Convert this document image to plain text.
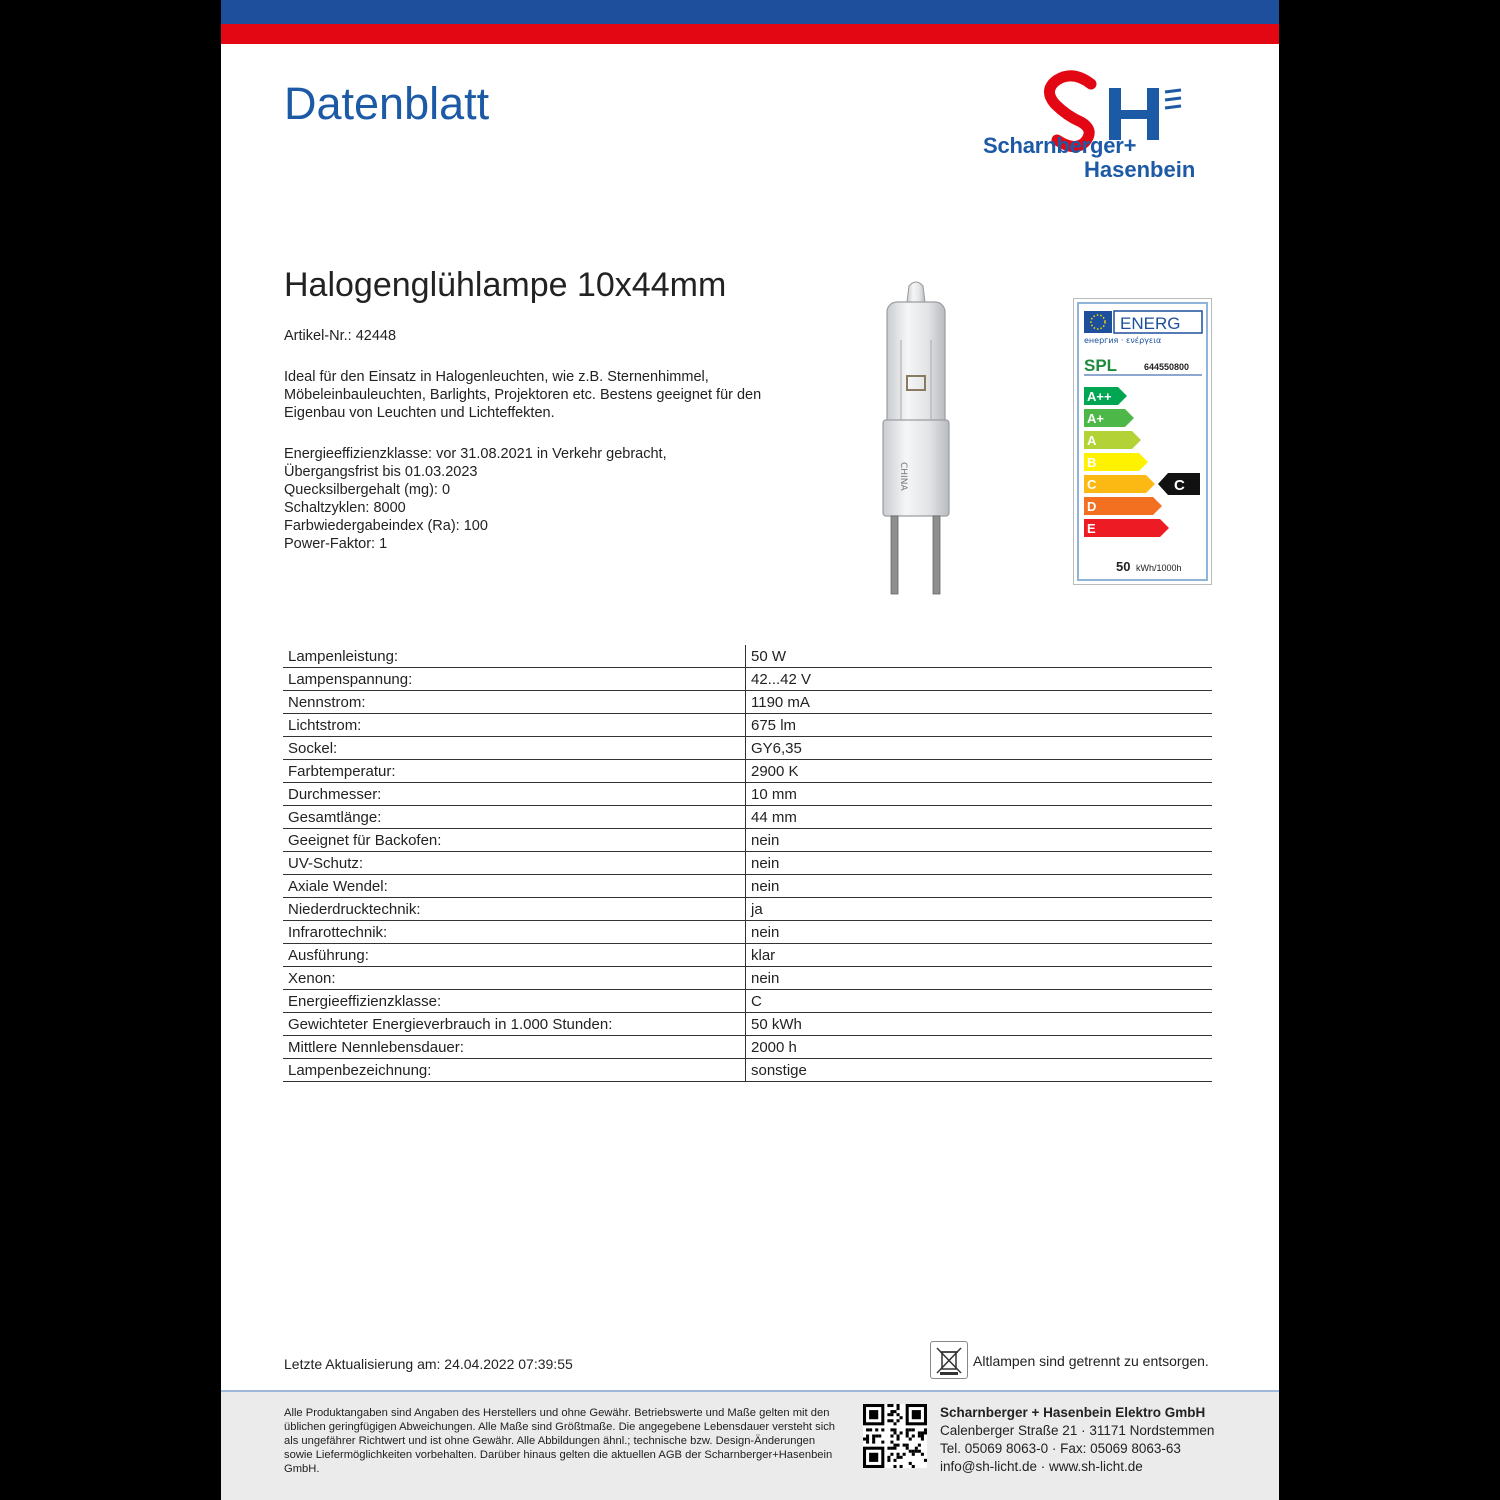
Datenblatt
Scharnberger+
Hasenbein
Halogenglühlampe 10x44mm
Artikel-Nr.: 42448
Ideal für den Einsatz in Halogenleuchten, wie z.B. Sternenhimmel, Möbeleinbauleuchten, Barlights, Projektoren etc. Bestens geeignet für den Eigenbau von Leuchten und Lichteffekten.
Energieeffizienzklasse: vor 31.08.2021 in Verkehr gebracht,
Übergangsfrist bis 01.03.2023
Quecksilbergehalt (mg): 0
Schaltzyklen: 8000
Farbwiedergabeindex (Ra): 100
Power-Faktor: 1
CHINA
ENERG
енергия · ενέργεια
SPL	644550800
A++
A+
A
B
C	C
D
E
50 kWh/1000h
Lampenleistung:	50 W
Lampenspannung:	42...42 V
Nennstrom:	1190 mA
Lichtstrom:	675 lm
Sockel:	GY6,35
Farbtemperatur:	2900 K
Durchmesser:	10 mm
Gesamtlänge:	44 mm
Geeignet für Backofen:	nein
UV-Schutz:	nein
Axiale Wendel:	nein
Niederdrucktechnik:	ja
Infrarottechnik:	nein
Ausführung:	klar
Xenon:	nein
Energieeffizienzklasse:	C
Gewichteter Energieverbrauch in 1.000 Stunden:	50 kWh
Mittlere Nennlebensdauer:	2000 h
Lampenbezeichnung:	sonstige
Letzte Aktualisierung am: 24.04.2022 07:39:55	Altlampen sind getrennt zu entsorgen.
Alle Produktangaben sind Angaben des Herstellers und ohne Gewähr. Betriebswerte und Maße gelten mit den üblichen geringfügigen Abweichungen. Alle Maße sind Größtmaße. Die angegebene Lebensdauer versteht sich als ungefährer Richtwert und ist ohne Gewähr. Alle Abbildungen ähnl.; technische bzw. Design-Änderungen sowie Liefermöglichkeiten vorbehalten. Darüber hinaus gelten die aktuellen AGB der Scharnberger+Hasenbein GmbH.
Scharnberger + Hasenbein Elektro GmbH
Calenberger Straße 21 · 31171 Nordstemmen
Tel. 05069 8063-0 · Fax: 05069 8063-63
info@sh-licht.de · www.sh-licht.de
